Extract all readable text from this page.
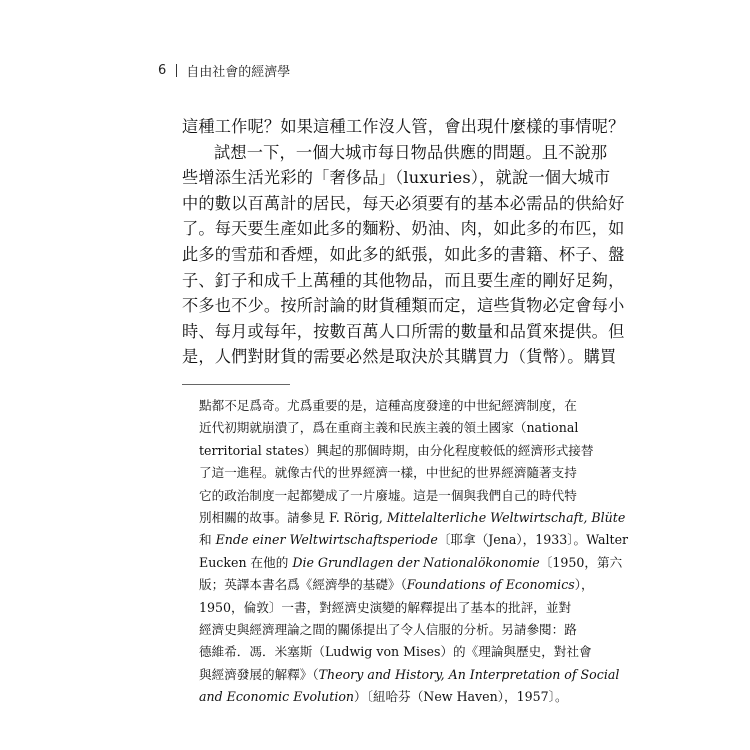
6 自由社會的經濟學
這種工作呢？如果這種工作沒人管，會出現什麼樣的事情呢？
試想一下，一個大城市每日物品供應的問題。且不說那
些增添生活光彩的「奢侈品」（luxuries），就說一個大城市
中的數以百萬計的居民，每天必須要有的基本必需品的供給好
了。每天要生產如此多的麵粉、奶油、肉，如此多的布匹，如
此多的雪茄和香煙，如此多的紙張，如此多的書籍、杯子、盤
子、釘子和成千上萬種的其他物品，而且要生產的剛好足夠，
不多也不少。按所討論的財貨種類而定，這些貨物必定會每小
時、每月或每年，按數百萬人口所需的數量和品質來提供。但
是，人們對財貨的需要必然是取決於其購買力（貨幣）。購買
點都不足爲奇。尤爲重要的是，這種高度發達的中世紀經濟制度，在
近代初期就崩潰了，爲在重商主義和民族主義的領土國家（national
territorial states）興起的那個時期，由分化程度較低的經濟形式接替
了這一進程。就像古代的世界經濟一樣，中世紀的世界經濟隨著支持
它的政治制度一起都變成了一片廢墟。這是一個與我們自己的時代特
別相關的故事。請參見 F. Rörig, Mittelalterliche Weltwirtschaft, Blüte
和 Ende einer Weltwirtschaftsperiode〔耶拿（Jena），1933〕。Walter
Eucken 在他的 Die Grundlagen der Nationalökonomie〔1950，第六
版；英譯本書名爲《經濟學的基礎》（Foundations of Economics），
1950，倫敦〕一書，對經濟史演變的解釋提出了基本的批評，並對
經濟史與經濟理論之間的關係提出了令人信服的分析。另請參閱：路
德維希．馮．米塞斯（Ludwig von Mises）的《理論與歷史，對社會
與經濟發展的解釋》（Theory and History, An Interpretation of Social
and Economic Evolution）〔紐哈芬（New Haven），1957〕。
